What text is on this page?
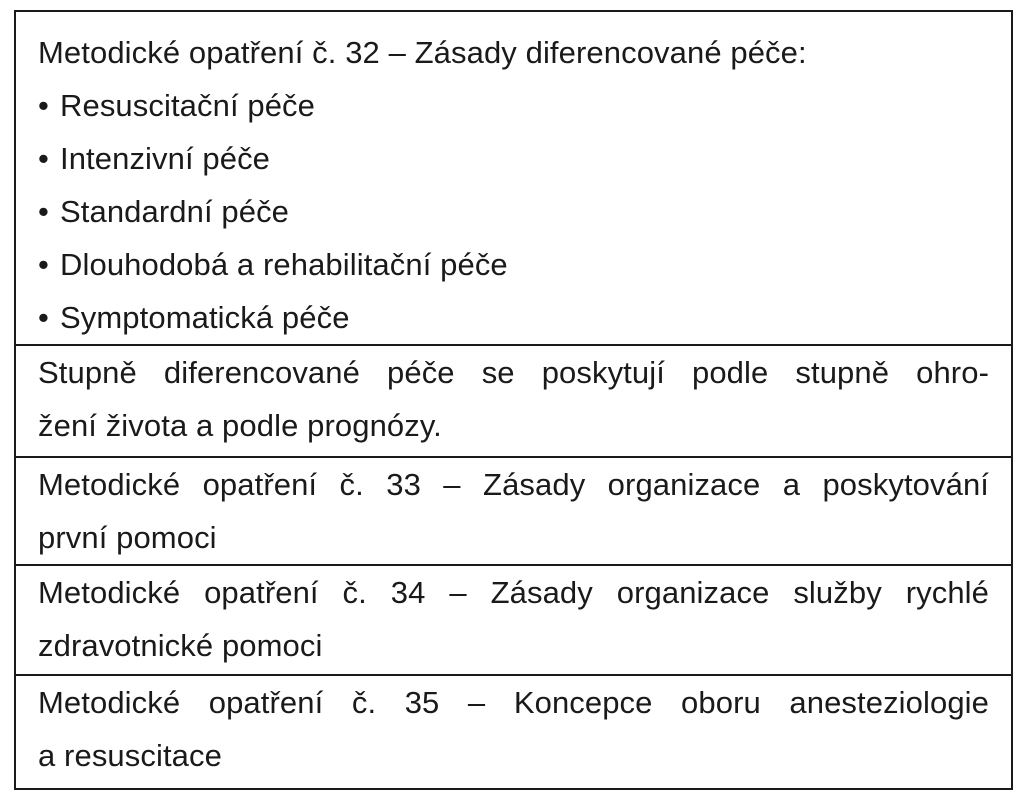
Metodické opatření č. 32 – Zásady diferencované péče:
• Resuscitační péče
• Intenzivní péče
• Standardní péče
• Dlouhodobá a rehabilitační péče
• Symptomatická péče
Stupně diferencované péče se poskytují podle stupně ohro-
žení života a podle prognózy.
Metodické opatření č. 33 – Zásady organizace a poskytování
první pomoci
Metodické opatření č. 34 – Zásady organizace služby rychlé
zdravotnické pomoci
Metodické opatření č. 35 – Koncepce oboru anesteziologie
a resuscitace
